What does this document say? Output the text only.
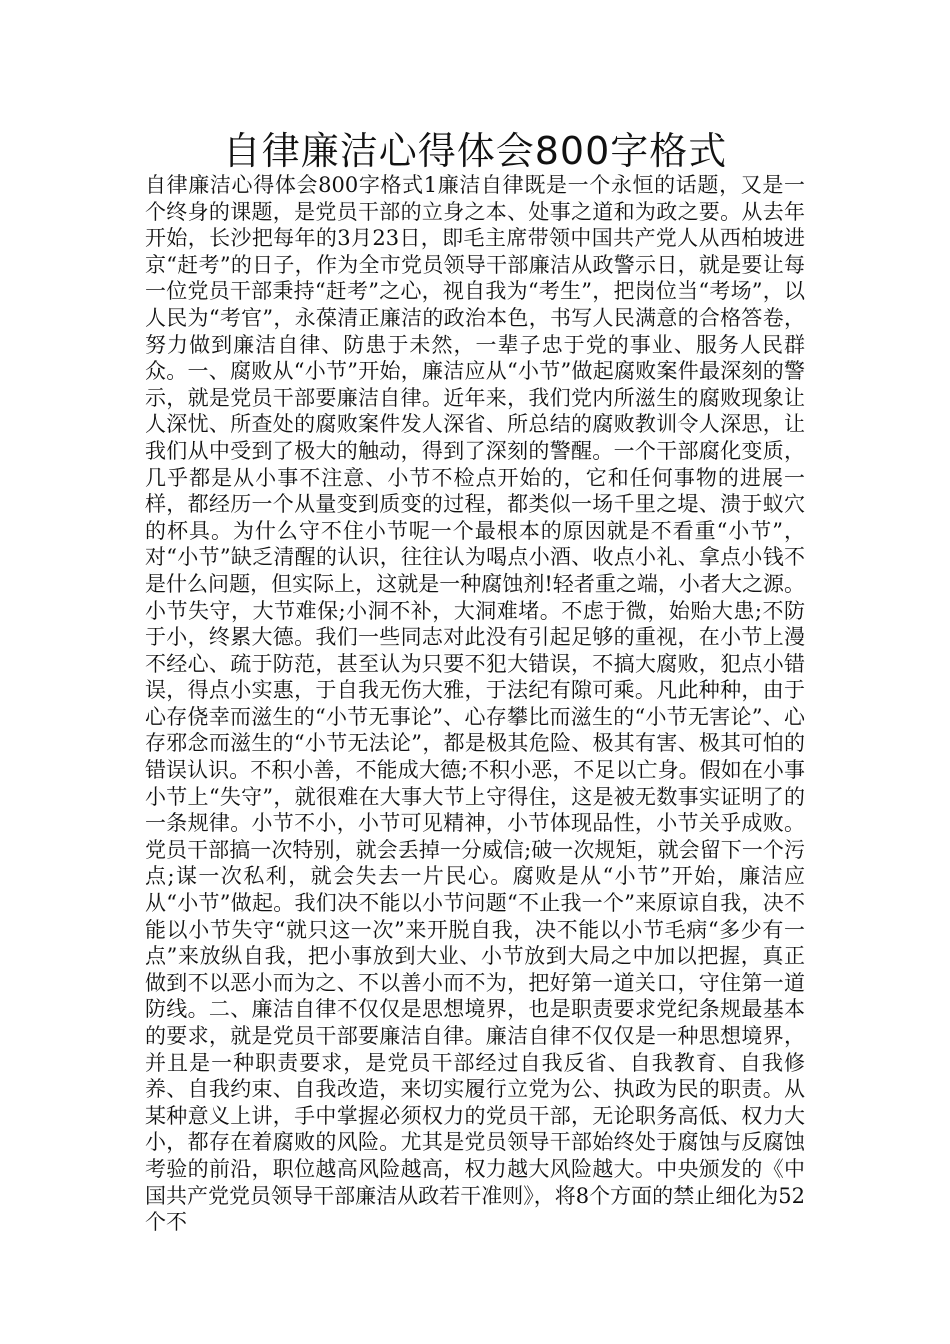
自律廉洁心得体会800字格式

自律廉洁心得体会800字格式1廉洁自律既是一个永恒的话题，又是一个终身的课题，是党员干部的立身之本、处事之道和为政之要。从去年开始，长沙把每年的3月23日，即毛主席带领中国共产党人从西柏坡进京“赶考”的日子，作为全市党员领导干部廉洁从政警示日，就是要让每一位党员干部秉持“赶考”之心，视自我为“考生”，把岗位当“考场”，以人民为“考官”，永葆清正廉洁的政治本色，书写人民满意的合格答卷，努力做到廉洁自律、防患于未然，一辈子忠于党的事业、服务人民群众。一、腐败从“小节”开始，廉洁应从“小节”做起腐败案件最深刻的警示，就是党员干部要廉洁自律。近年来，我们党内所滋生的腐败现象让人深忧、所查处的腐败案件发人深省、所总结的腐败教训令人深思，让我们从中受到了极大的触动，得到了深刻的警醒。一个干部腐化变质，几乎都是从小事不注意、小节不检点开始的，它和任何事物的进展一样，都经历一个从量变到质变的过程，都类似一场千里之堤、溃于蚁穴的杯具。为什么守不住小节呢一个最根本的原因就是不看重“小节”，对“小节”缺乏清醒的认识，往往认为喝点小酒、收点小礼、拿点小钱不是什么问题，但实际上，这就是一种腐蚀剂!轻者重之端，小者大之源。小节失守，大节难保;小洞不补，大洞难堵。不虑于微，始贻大患;不防于小，终累大德。我们一些同志对此没有引起足够的重视，在小节上漫不经心、疏于防范，甚至认为只要不犯大错误，不搞大腐败，犯点小错误，得点小实惠，于自我无伤大雅，于法纪有隙可乘。凡此种种，由于心存侥幸而滋生的“小节无事论”、心存攀比而滋生的“小节无害论”、心存邪念而滋生的“小节无法论”，都是极其危险、极其有害、极其可怕的错误认识。不积小善，不能成大德;不积小恶，不足以亡身。假如在小事小节上“失守”，就很难在大事大节上守得住，这是被无数事实证明了的一条规律。小节不小，小节可见精神，小节体现品性，小节关乎成败。党员干部搞一次特别，就会丢掉一分威信;破一次规矩，就会留下一个污点;谋一次私利，就会失去一片民心。腐败是从“小节”开始，廉洁应从“小节”做起。我们决不能以小节问题“不止我一个”来原谅自我，决不能以小节失守“就只这一次”来开脱自我，决不能以小节毛病“多少有一点”来放纵自我，把小事放到大业、小节放到大局之中加以把握，真正做到不以恶小而为之、不以善小而不为，把好第一道关口，守住第一道防线。二、廉洁自律不仅仅是思想境界，也是职责要求党纪条规最基本的要求，就是党员干部要廉洁自律。廉洁自律不仅仅是一种思想境界，并且是一种职责要求，是党员干部经过自我反省、自我教育、自我修养、自我约束、自我改造，来切实履行立党为公、执政为民的职责。从某种意义上讲，手中掌握必须权力的党员干部，无论职务高低、权力大小，都存在着腐败的风险。尤其是党员领导干部始终处于腐蚀与反腐蚀考验的前沿，职位越高风险越高，权力越大风险越大。中央颁发的《中国共产党党员领导干部廉洁从政若干准则》，将8个方面的禁止细化为52个不
